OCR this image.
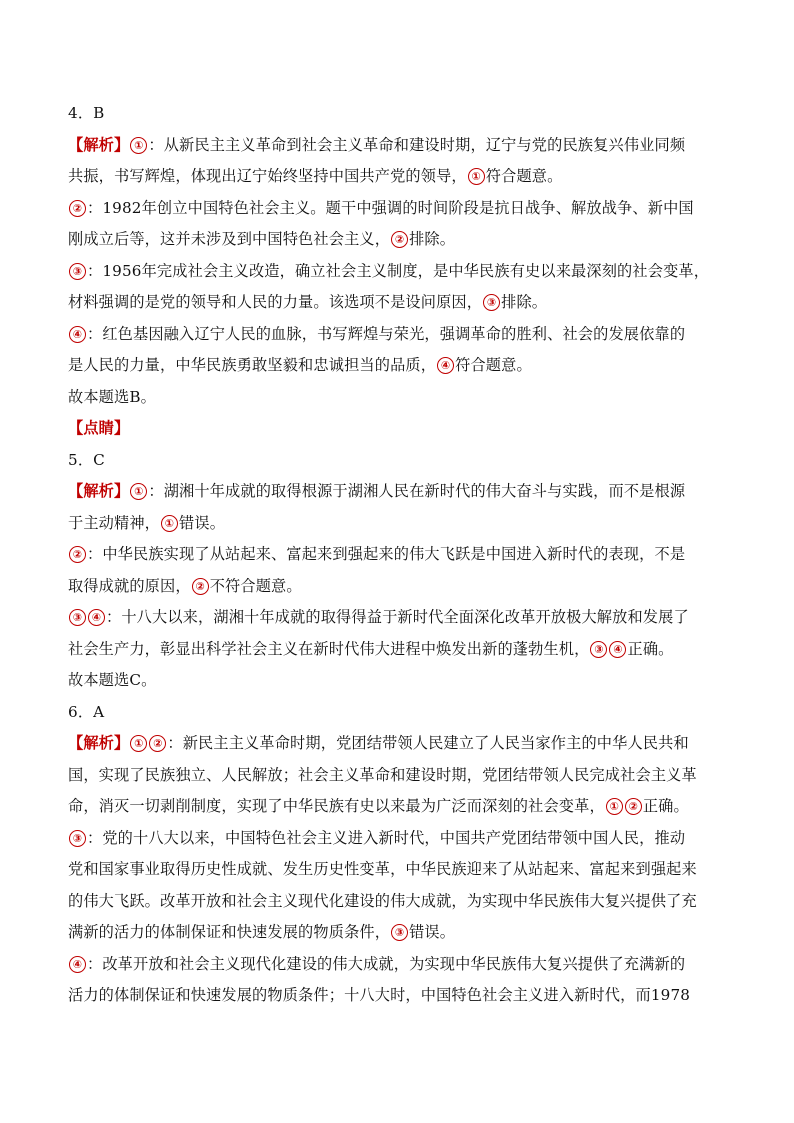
4．B

【解析】 ① ：从新民主主义革命到社会主义革命和建设时期，辽宁与党的民族复兴伟业同频

共振，书写辉煌，体现出辽宁始终坚持中国共产党的领导， ① 符合题意。

② ：1982年创立中国特色社会主义。题干中强调的时间阶段是抗日战争、解放战争、新中国

刚成立后等，这并未涉及到中国特色社会主义， ② 排除。

③ ：1956年完成社会主义改造，确立社会主义制度，是中华民族有史以来最深刻的社会变革，

材料强调的是党的领导和人民的力量。该选项不是设问原因， ③ 排除。

④ ：红色基因融入辽宁人民的血脉，书写辉煌与荣光，强调革命的胜利、社会的发展依靠的

是人民的力量，中华民族勇敢坚毅和忠诚担当的品质， ④ 符合题意。

故本题选B。

【点睛】

5．C

【解析】 ① ：湖湘十年成就的取得根源于湖湘人民在新时代的伟大奋斗与实践，而不是根源

于主动精神， ① 错误。

② ：中华民族实现了从站起来、富起来到强起来的伟大飞跃是中国进入新时代的表现，不是

取得成就的原因， ② 不符合题意。

③ ④ ：十八大以来，湖湘十年成就的取得得益于新时代全面深化改革开放极大解放和发展了

社会生产力，彰显出科学社会主义在新时代伟大进程中焕发出新的蓬勃生机， ③ ④ 正确。

故本题选C。

6．A

【解析】 ① ② ：新民主主义革命时期，党团结带领人民建立了人民当家作主的中华人民共和

国，实现了民族独立、人民解放；社会主义革命和建设时期，党团结带领人民完成社会主义革

命，消灭一切剥削制度，实现了中华民族有史以来最为广泛而深刻的社会变革， ① ② 正确。

③ ：党的十八大以来，中国特色社会主义进入新时代，中国共产党团结带领中国人民，推动

党和国家事业取得历史性成就、发生历史性变革，中华民族迎来了从站起来、富起来到强起来

的伟大飞跃。改革开放和社会主义现代化建设的伟大成就，为实现中华民族伟大复兴提供了充

满新的活力的体制保证和快速发展的物质条件， ③ 错误。

④ ：改革开放和社会主义现代化建设的伟大成就，为实现中华民族伟大复兴提供了充满新的

活力的体制保证和快速发展的物质条件；十八大时，中国特色社会主义进入新时代，而1978
